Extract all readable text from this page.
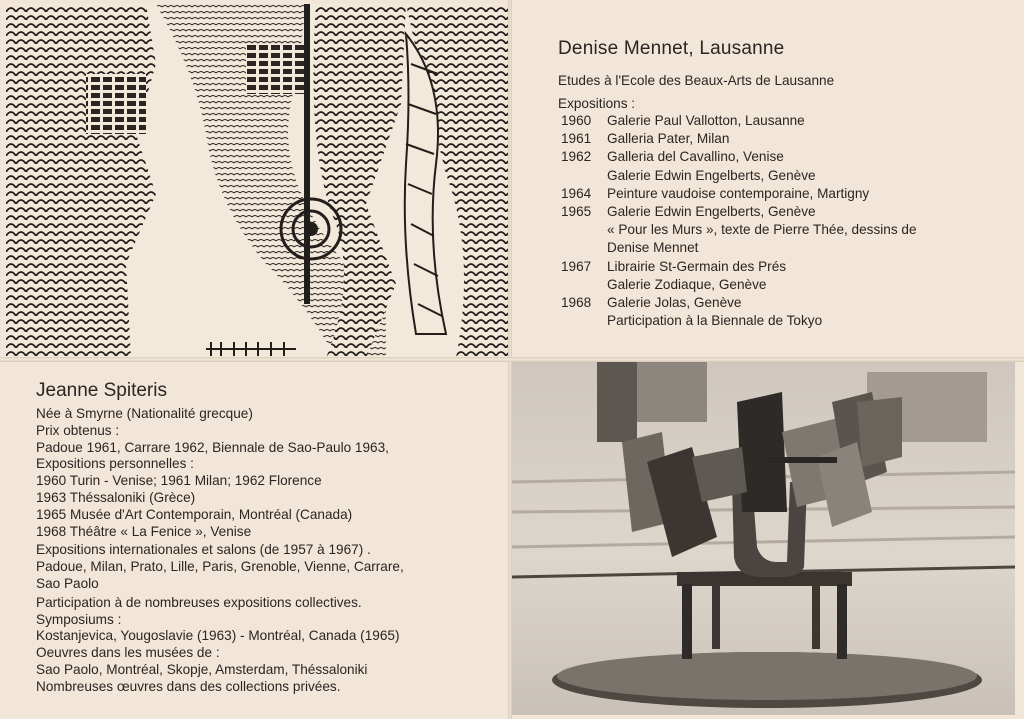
Denise Mennet, Lausanne
Etudes à l'Ecole des Beaux-Arts de Lausanne
Expositions :
1960	Galerie Paul Vallotton, Lausanne
1961	Galleria Pater, Milan
1962	Galleria del Cavallino, Venise
Galerie Edwin Engelberts, Genève
1964	Peinture vaudoise contemporaine, Martigny
1965	Galerie Edwin Engelberts, Genève
« Pour les Murs », texte de Pierre Thée, dessins de
Denise Mennet
1967	Librairie St-Germain des Prés
Galerie Zodiaque, Genève
1968	Galerie Jolas, Genève
Participation à la Biennale de Tokyo
Jeanne Spiteris
Née à Smyrne (Nationalité grecque)
Prix obtenus :
Padoue 1961, Carrare 1962, Biennale de Sao-Paulo 1963,
Expositions personnelles :
1960 Turin - Venise; 1961 Milan; 1962 Florence
1963 Théssaloniki (Grèce)
1965 Musée d'Art Contemporain, Montréal (Canada)
1968 Théâtre « La Fenice », Venise
Expositions internationales et salons (de 1957 à 1967) .
Padoue, Milan, Prato, Lille, Paris, Grenoble, Vienne, Carrare,
Sao Paolo
Participation à de nombreuses expositions collectives.
Symposiums :
Kostanjevica, Yougoslavie (1963) - Montréal, Canada (1965)
Oeuvres dans les musées de :
Sao Paolo, Montréal, Skopje, Amsterdam, Théssaloniki
Nombreuses œuvres dans des collections privées.
